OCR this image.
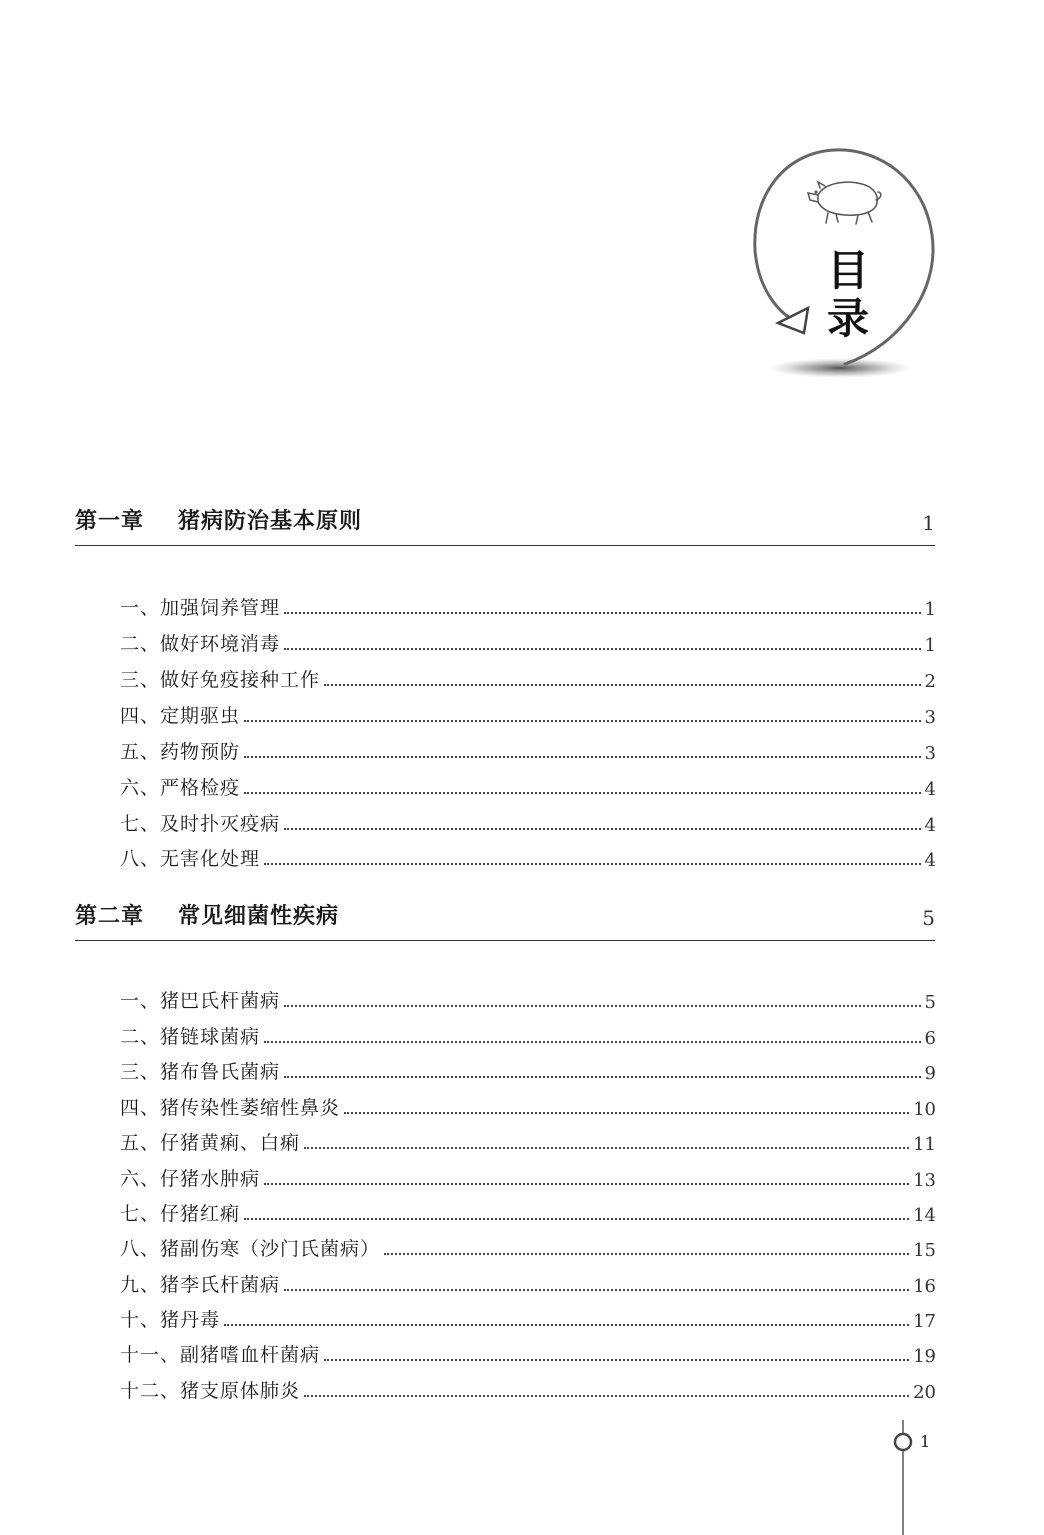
目
录
第一章 猪病防治基本原则	1
一、加强饲养管理	1
二、做好环境消毒	1
三、做好免疫接种工作	2
四、定期驱虫	3
五、药物预防	3
六、严格检疫	4
七、及时扑灭疫病	4
八、无害化处理	4
第二章 常见细菌性疾病	5
一、猪巴氏杆菌病	5
二、猪链球菌病	6
三、猪布鲁氏菌病	9
四、猪传染性萎缩性鼻炎	10
五、仔猪黄痢、白痢	11
六、仔猪水肿病	13
七、仔猪红痢	14
八、猪副伤寒（沙门氏菌病）	15
九、猪李氏杆菌病	16
十、猪丹毒	17
十一、副猪嗜血杆菌病	19
十二、猪支原体肺炎	20
1
